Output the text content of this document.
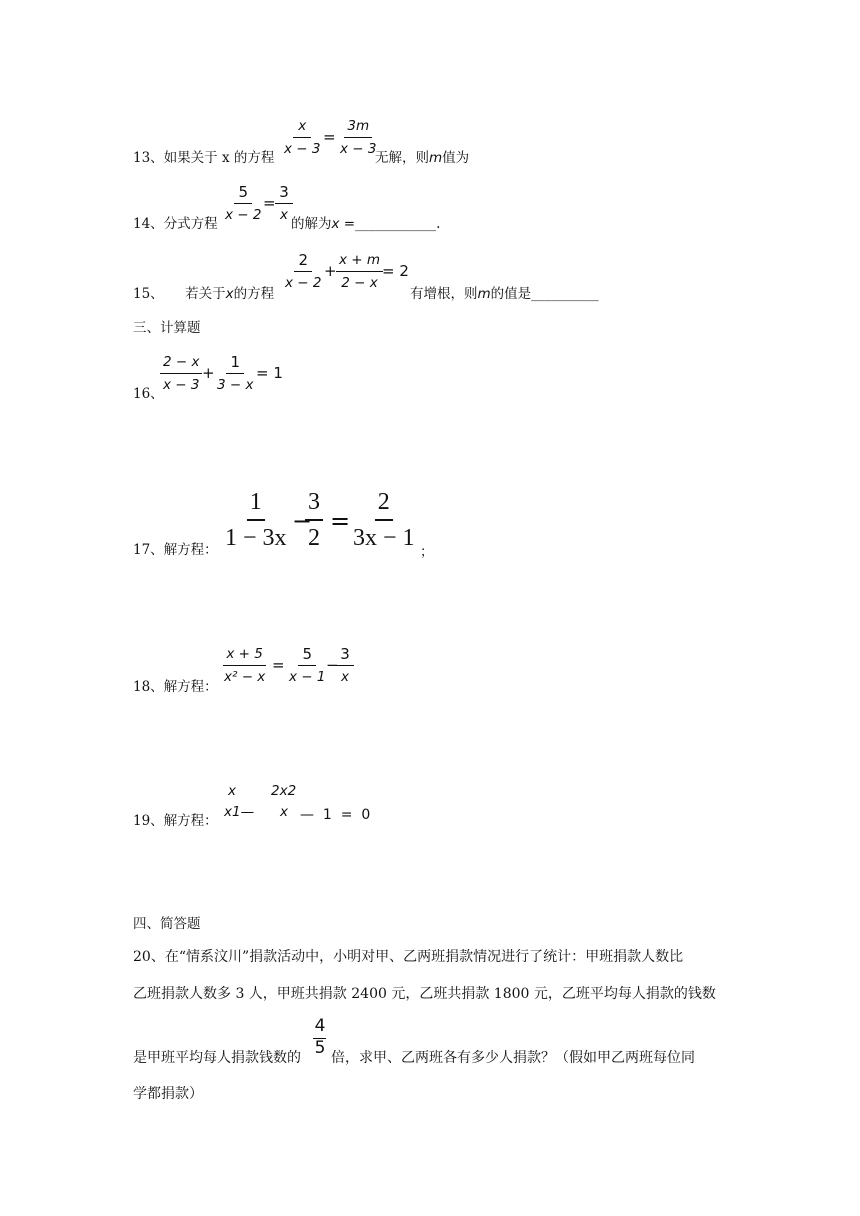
13、如果关于 x 的方程 $\frac{x}{x - 3} = \frac{3m}{x - 3}$
无解，则m值为
14、分式方程 $\frac{5}{x - 2}$
= $\frac{3}{x}$
的解为x =____________.
15、 若关于x的方程
$\frac{2}{x - 2} + \frac{x + m}{2 - x}$
= 2
有增根，则m的值是__________
三、计算题
16、
$\frac{2 - x}{x - 3} + \frac{1}{3 - x} = 1$
17、解方程： $\frac{1}{1 - 3x}$ −
$\frac{3}{2} = \frac{2}{3x - 1}$ ；
18、解方程：
$\frac{x + 5}{\text{x² − x}} = \frac{5}{x - 1}$
−
$\frac{3}{x}$
19、解方程：
x
x1—
2x2
x —  1  =  0
四、简答题
20、在“情系汶川”捐款活动中，小明对甲、乙两班捐款情况进行了统计：甲班捐款人数比
乙班捐款人数多 3 人，甲班共捐款 2400 元，乙班共捐款 1800 元，乙班平均每人捐款的钱数
是甲班平均每人捐款钱数的
4
5 倍，求甲、乙两班各有多少人捐款？（假如甲乙两班每位同
学都捐款）
